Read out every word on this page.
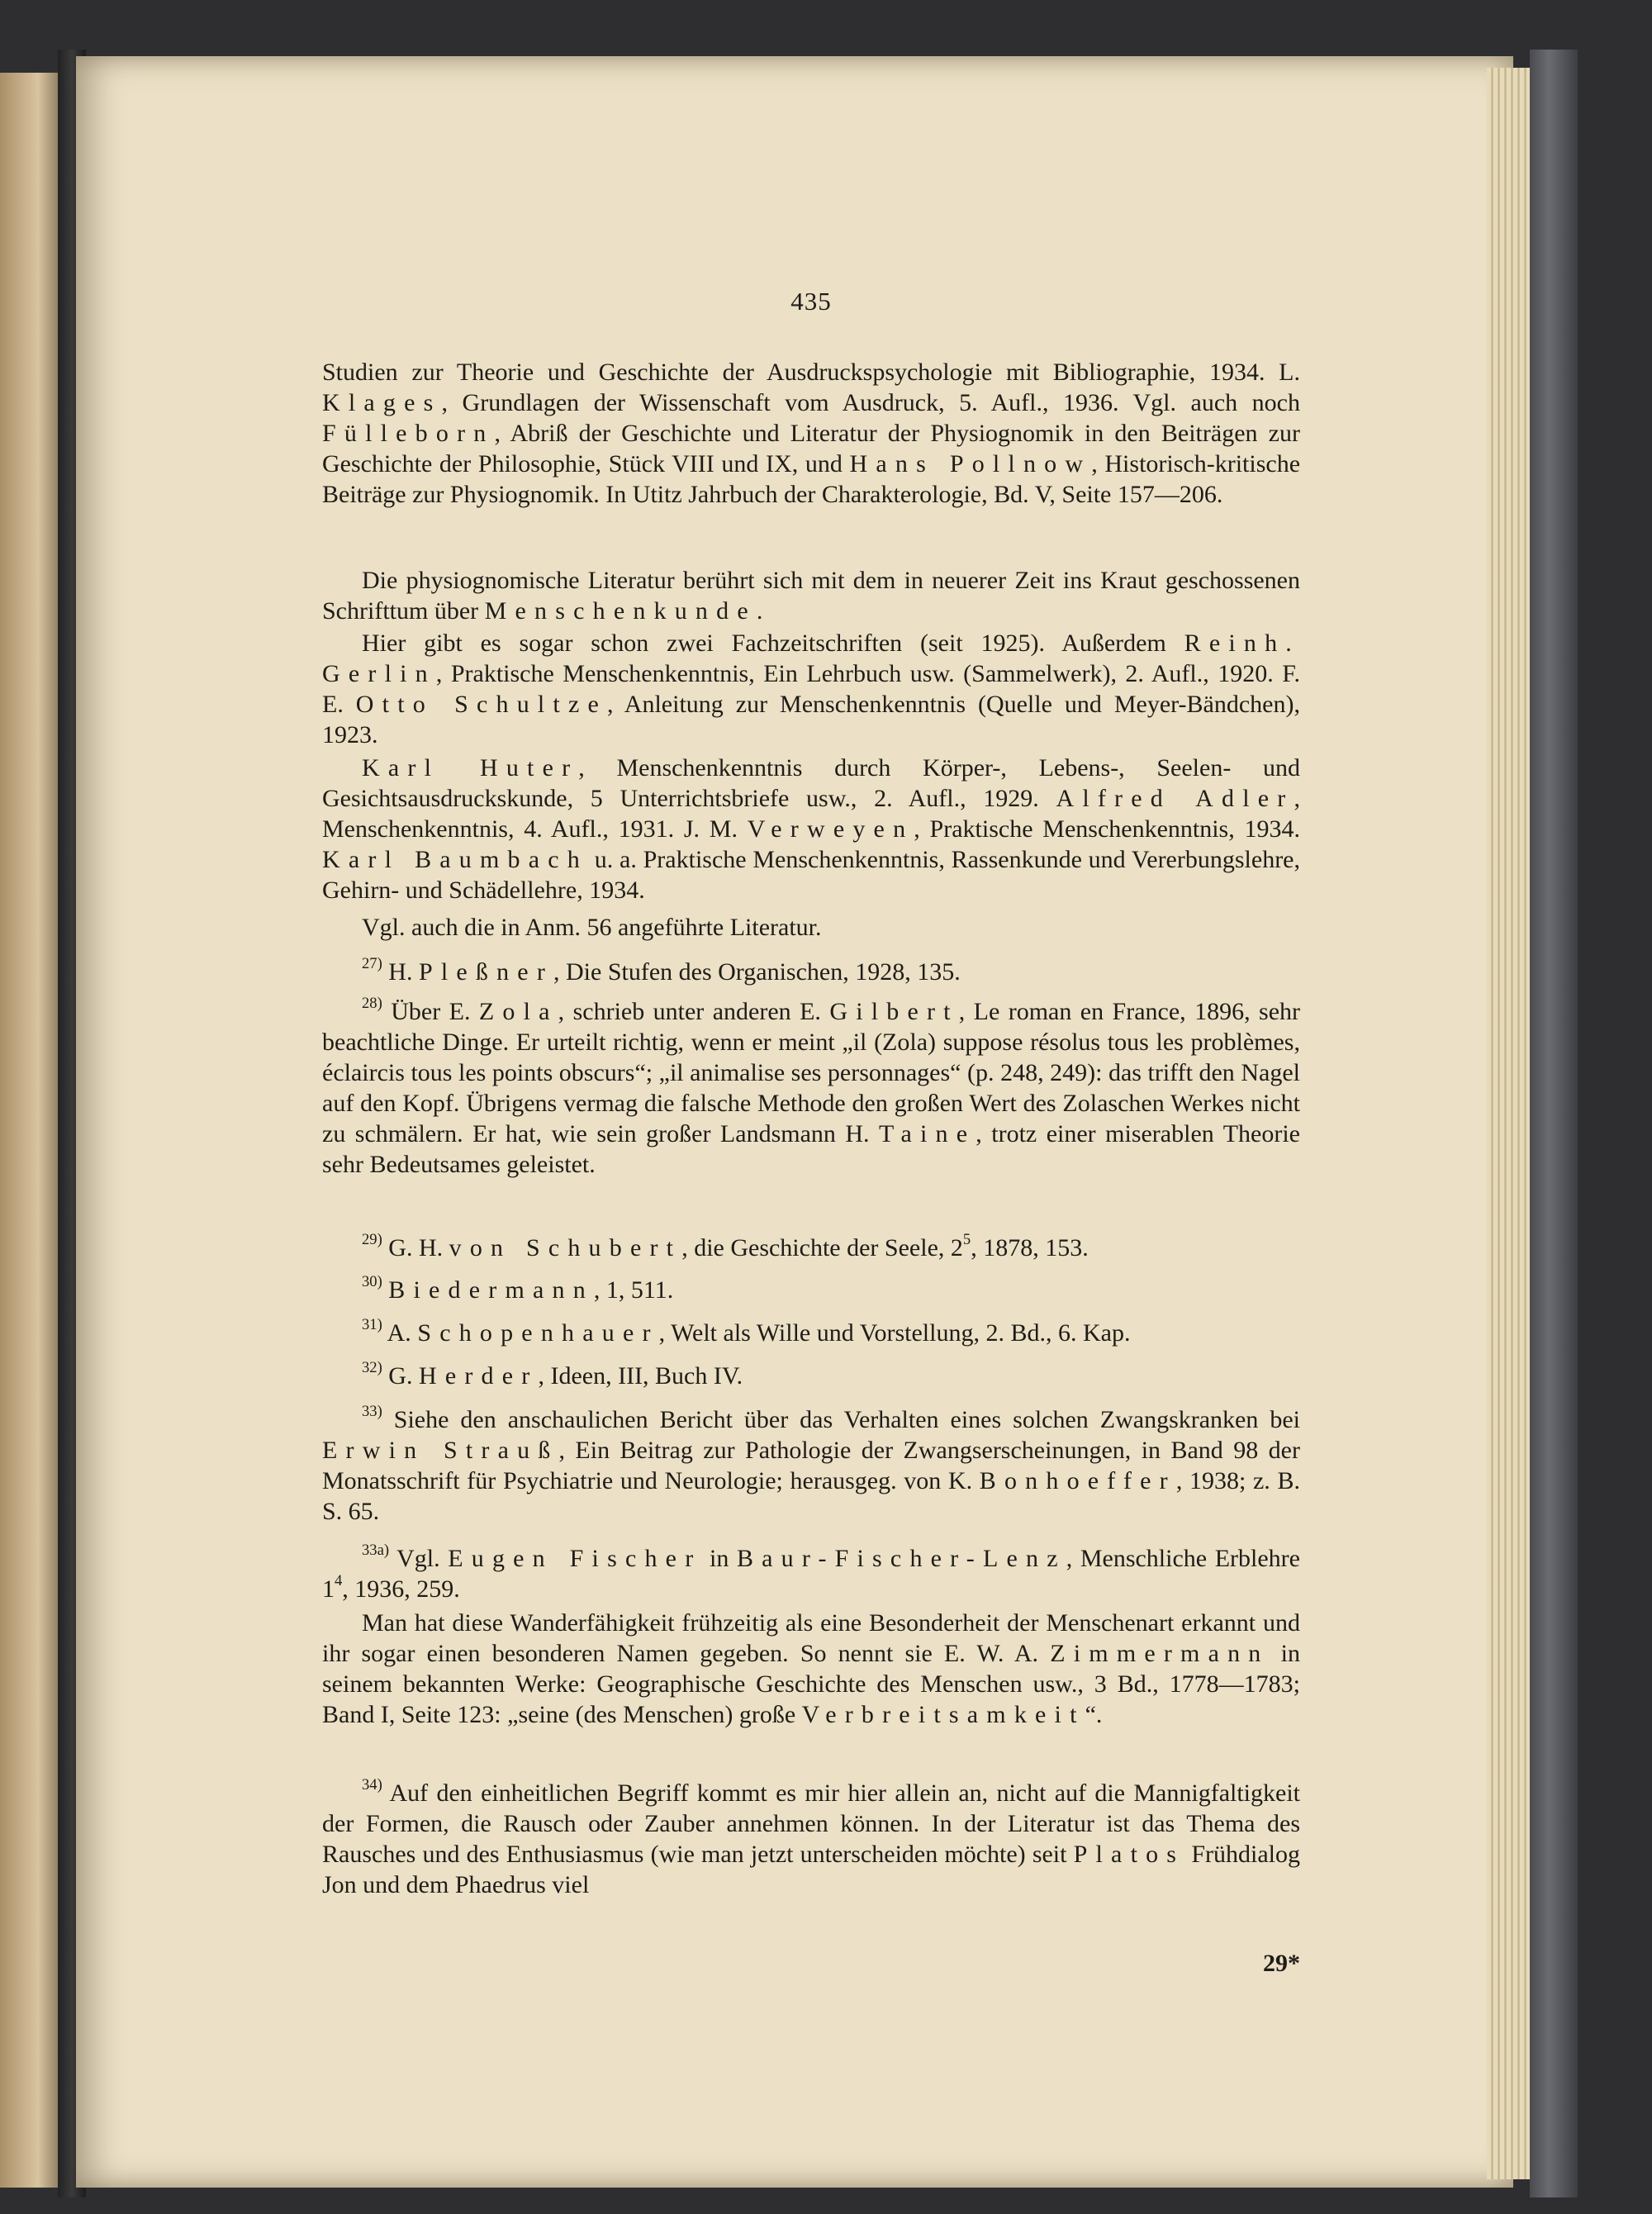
435

Studien zur Theorie und Geschichte der Ausdruckspsychologie mit Bibliographie, 1934. L. Klages, Grundlagen der Wissenschaft vom Ausdruck, 5. Aufl., 1936. Vgl. auch noch Fülleborn, Abriß der Geschichte und Literatur der Physiognomik in den Beiträgen zur Geschichte der Philosophie, Stück VIII und IX, und Hans Pollnow, Historisch-kritische Beiträge zur Physiognomik. In Utitz Jahrbuch der Charakterologie, Bd. V, Seite 157—206.

Die physiognomische Literatur berührt sich mit dem in neuerer Zeit ins Kraut geschossenen Schrifttum über Menschenkunde.

Hier gibt es sogar schon zwei Fachzeitschriften (seit 1925). Außerdem Reinh. Gerlin, Praktische Menschenkenntnis, Ein Lehrbuch usw. (Sammelwerk), 2. Aufl., 1920. F. E. Otto Schultze, Anleitung zur Menschenkenntnis (Quelle und Meyer-Bändchen), 1923.

Karl Huter, Menschenkenntnis durch Körper-, Lebens-, Seelen- und Gesichtsausdruckskunde, 5 Unterrichtsbriefe usw., 2. Aufl., 1929. Alfred Adler, Menschenkenntnis, 4. Aufl., 1931. J. M. Verweyen, Praktische Menschenkenntnis, 1934. Karl Baumbach u. a. Praktische Menschenkenntnis, Rassenkunde und Vererbungslehre, Gehirn- und Schädellehre, 1934.

Vgl. auch die in Anm. 56 angeführte Literatur.

$^{27)}$ H. Pleßner, Die Stufen des Organischen, 1928, 135.

$^{28)}$ Über E. Zola, schrieb unter anderen E. Gilbert, Le roman en France, 1896, sehr beachtliche Dinge. Er urteilt richtig, wenn er meint „il (Zola) suppose résolus tous les problèmes, éclaircis tous les points obscurs“; „il animalise ses personnages“ (p. 248, 249): das trifft den Nagel auf den Kopf. Übrigens vermag die falsche Methode den großen Wert des Zolaschen Werkes nicht zu schmälern. Er hat, wie sein großer Landsmann H. Taine, trotz einer miserablen Theorie sehr Bedeutsames geleistet.

$^{29)}$ G. H. von Schubert, die Geschichte der Seele, $2^5$, 1878, 153.

$^{30)}$ Biedermann, 1, 511.

$^{31)}$ A. Schopenhauer, Welt als Wille und Vorstellung, 2. Bd., 6. Kap.

$^{32)}$ G. Herder, Ideen, III, Buch IV.

$^{33)}$ Siehe den anschaulichen Bericht über das Verhalten eines solchen Zwangskranken bei Erwin Strauß, Ein Beitrag zur Pathologie der Zwangserscheinungen, in Band 98 der Monatsschrift für Psychiatrie und Neurologie; herausgeg. von K. Bonhoeffer, 1938; z. B. S. 65.

$^{33a)}$ Vgl. Eugen Fischer in Baur-Fischer-Lenz, Menschliche Erblehre $1^4$, 1936, 259.

Man hat diese Wanderfähigkeit frühzeitig als eine Besonderheit der Menschenart erkannt und ihr sogar einen besonderen Namen gegeben. So nennt sie E. W. A. Zimmermann in seinem bekannten Werke: Geographische Geschichte des Menschen usw., 3 Bd., 1778—1783; Band I, Seite 123: „seine (des Menschen) große Verbreitsamkeit“.

$^{34)}$ Auf den einheitlichen Begriff kommt es mir hier allein an, nicht auf die Mannigfaltigkeit der Formen, die Rausch oder Zauber annehmen können. In der Literatur ist das Thema des Rausches und des Enthusiasmus (wie man jetzt unterscheiden möchte) seit Platos Frühdialog Jon und dem Phaedrus viel

29*
